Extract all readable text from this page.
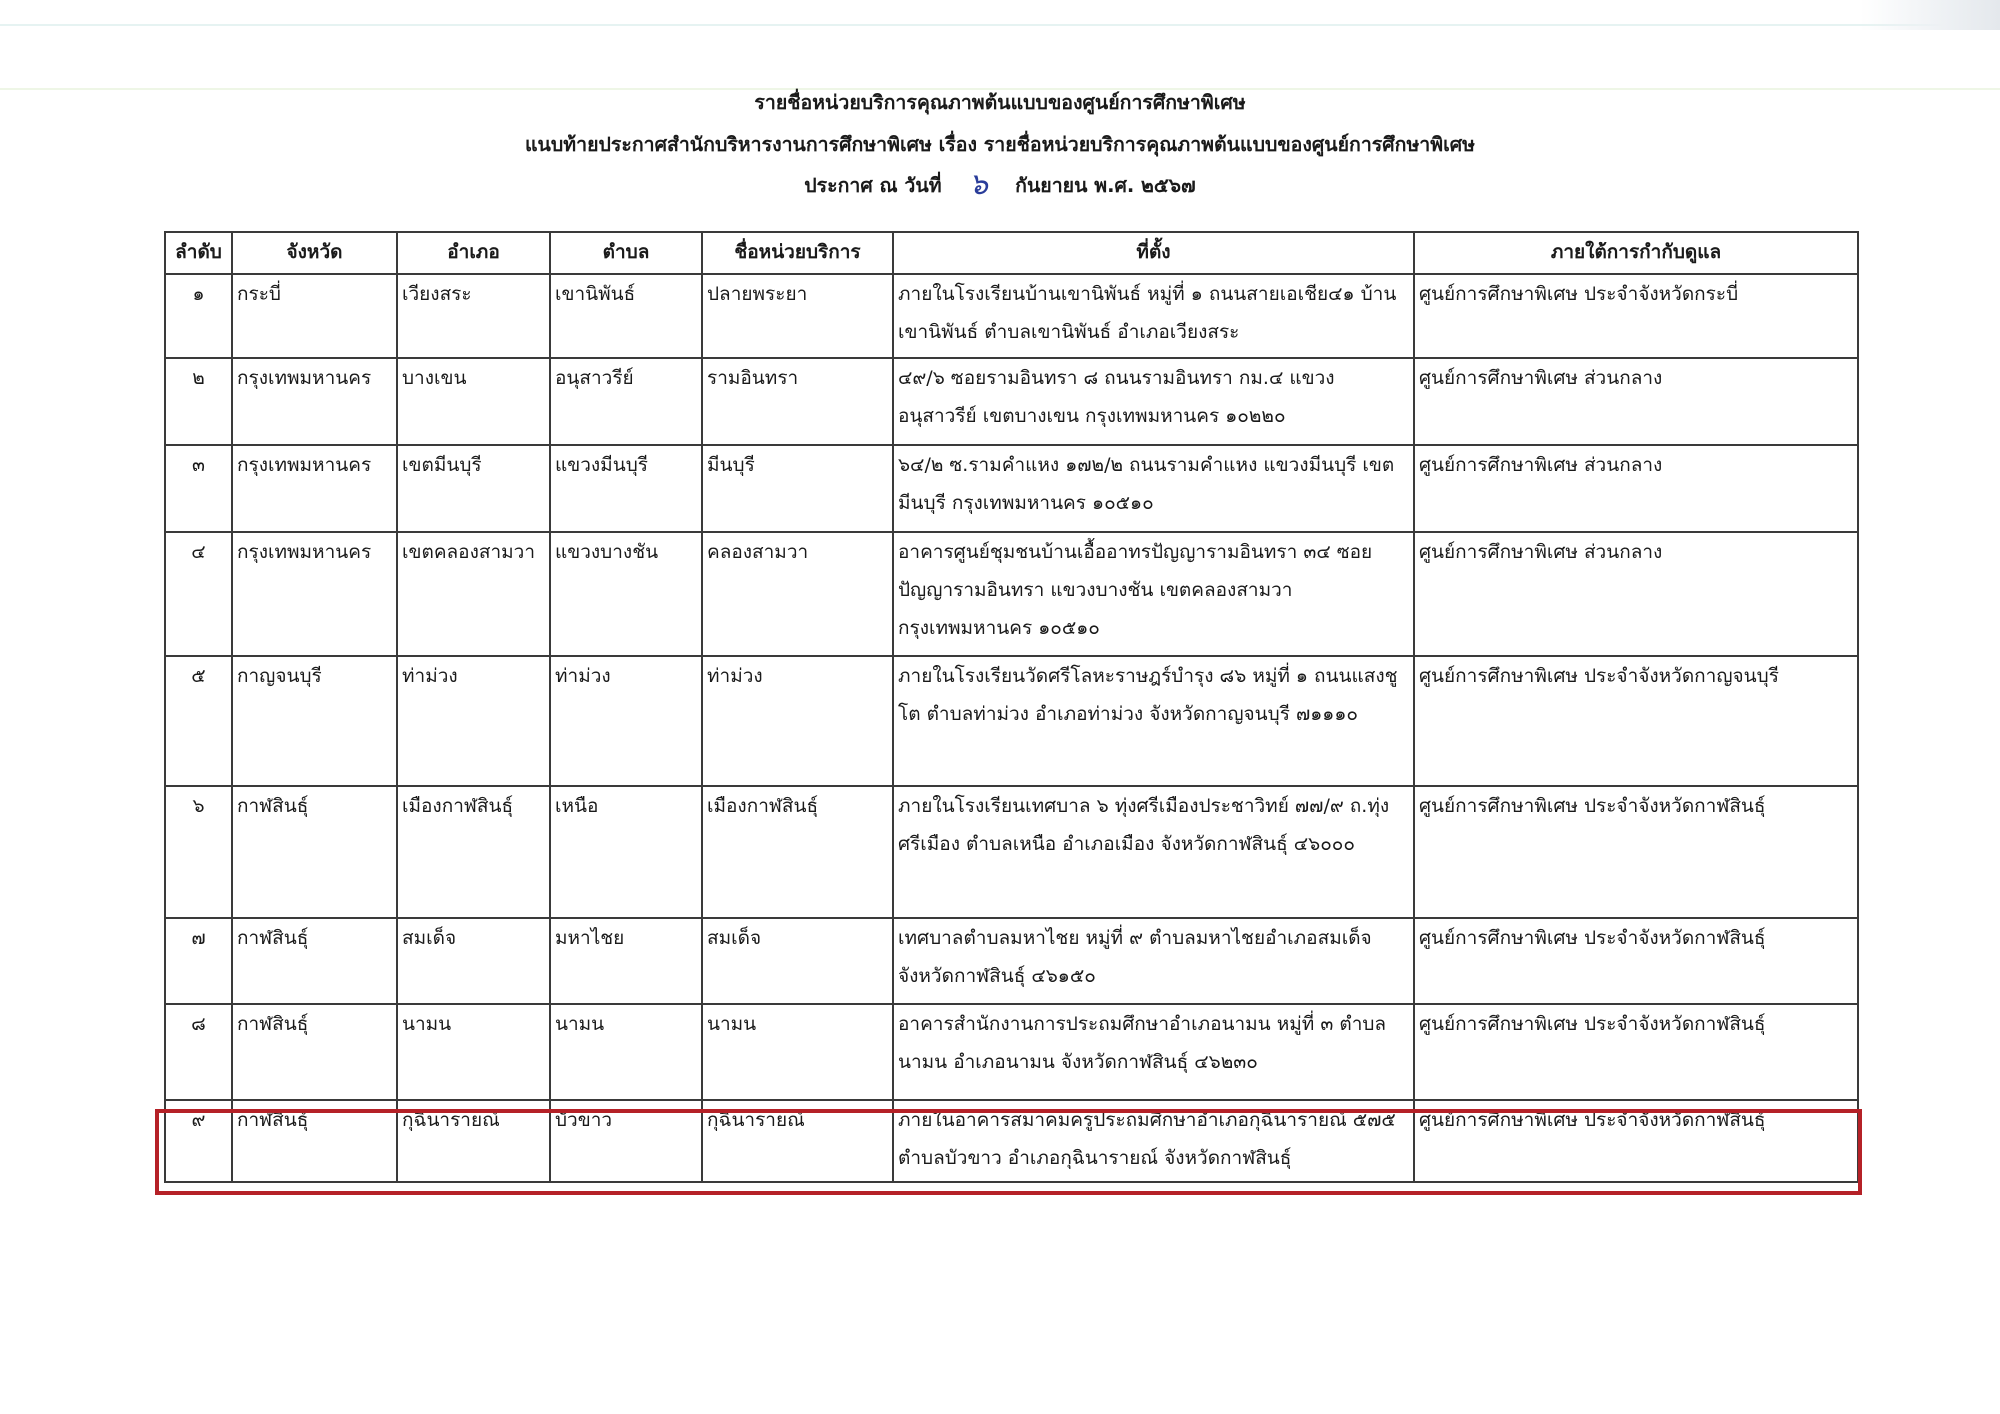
รายชื่อหน่วยบริการคุณภาพต้นแบบของศูนย์การศึกษาพิเศษ
แนบท้ายประกาศสำนักบริหารงานการศึกษาพิเศษ เรื่อง รายชื่อหน่วยบริการคุณภาพต้นแบบของศูนย์การศึกษาพิเศษ
ประกาศ ณ วันที่ ๖ กันยายน พ.ศ. ๒๕๖๗
ลำดับ	จังหวัด	อำเภอ	ตำบล	ชื่อหน่วยบริการ	ที่ตั้ง	ภายใต้การกำกับดูแล
๑	กระบี่	เวียงสระ	เขานิพันธ์	ปลายพระยา	ภายในโรงเรียนบ้านเขานิพันธ์ หมู่ที่ ๑ ถนนสายเอเชีย๔๑ บ้านเขานิพันธ์ ตำบลเขานิพันธ์ อำเภอเวียงสระ	ศูนย์การศึกษาพิเศษ ประจำจังหวัดกระบี่
๒	กรุงเทพมหานคร	บางเขน	อนุสาวรีย์	รามอินทรา	๔๙/๖ ซอยรามอินทรา ๘ ถนนรามอินทรา กม.๔ แขวงอนุสาวรีย์ เขตบางเขน กรุงเทพมหานคร ๑๐๒๒๐	ศูนย์การศึกษาพิเศษ ส่วนกลาง
๓	กรุงเทพมหานคร	เขตมีนบุรี	แขวงมีนบุรี	มีนบุรี	๖๔/๒ ซ.รามคำแหง ๑๗๒/๒ ถนนรามคำแหง แขวงมีนบุรี เขตมีนบุรี กรุงเทพมหานคร ๑๐๕๑๐	ศูนย์การศึกษาพิเศษ ส่วนกลาง
๔	กรุงเทพมหานคร	เขตคลองสามวา	แขวงบางชัน	คลองสามวา	อาคารศูนย์ชุมชนบ้านเอื้ออาทรปัญญารามอินทรา ๓๔ ซอยปัญญารามอินทรา แขวงบางชัน เขตคลองสามวา กรุงเทพมหานคร ๑๐๕๑๐	ศูนย์การศึกษาพิเศษ ส่วนกลาง
๕	กาญจนบุรี	ท่าม่วง	ท่าม่วง	ท่าม่วง	ภายในโรงเรียนวัดศรีโลหะราษฎร์บำรุง ๘๖ หมู่ที่ ๑ ถนนแสงชูโต ตำบลท่าม่วง อำเภอท่าม่วง จังหวัดกาญจนบุรี ๗๑๑๑๐	ศูนย์การศึกษาพิเศษ ประจำจังหวัดกาญจนบุรี
๖	กาฬสินธุ์	เมืองกาฬสินธุ์	เหนือ	เมืองกาฬสินธุ์	ภายในโรงเรียนเทศบาล ๖ ทุ่งศรีเมืองประชาวิทย์ ๗๗/๙ ถ.ทุ่งศรีเมือง ตำบลเหนือ อำเภอเมือง จังหวัดกาฬสินธุ์ ๔๖๐๐๐	ศูนย์การศึกษาพิเศษ ประจำจังหวัดกาฬสินธุ์
๗	กาฬสินธุ์	สมเด็จ	มหาไชย	สมเด็จ	เทศบาลตำบลมหาไชย หมู่ที่ ๙ ตำบลมหาไชยอำเภอสมเด็จ จังหวัดกาฬสินธุ์ ๔๖๑๕๐	ศูนย์การศึกษาพิเศษ ประจำจังหวัดกาฬสินธุ์
๘	กาฬสินธุ์	นามน	นามน	นามน	อาคารสำนักงานการประถมศึกษาอำเภอนามน หมู่ที่ ๓ ตำบลนามน อำเภอนามน จังหวัดกาฬสินธุ์ ๔๖๒๓๐	ศูนย์การศึกษาพิเศษ ประจำจังหวัดกาฬสินธุ์
๙	กาฬสินธุ์	กุฉินารายณ์	บัวขาว	กุฉินารายณ์	ภายในอาคารสมาคมครูประถมศึกษาอำเภอกุฉินารายณ์ ๕๗๕ ตำบลบัวขาว อำเภอกุฉินารายณ์ จังหวัดกาฬสินธุ์	ศูนย์การศึกษาพิเศษ ประจำจังหวัดกาฬสินธุ์
